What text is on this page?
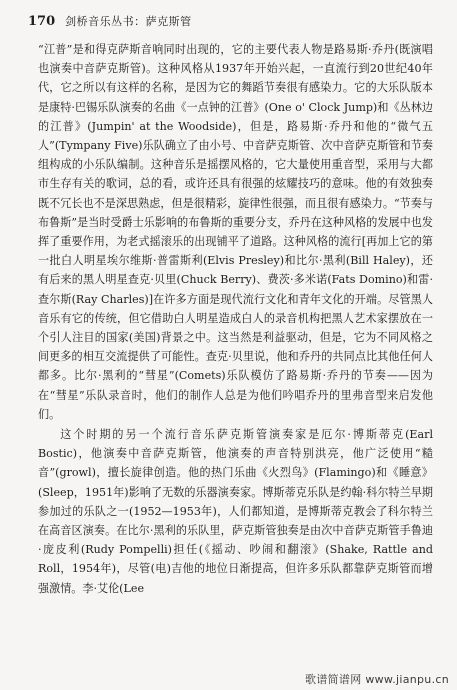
170 剑桥音乐丛书：萨克斯管

“江普”是和得克萨斯音响同时出现的，它的主要代表人物是路易斯·乔丹(既演唱也演奏中音萨克斯管)。这种风格从1937年开始兴起，一直流行到20世纪40年代，它之所以有这样的名称，是因为它的舞蹈节奏很有感染力。它的大乐队版本是康特·巴锡乐队演奏的名曲《一点钟的江普》(One o' Clock Jump)和《丛林边的江普》(Jumpin' at the Woodside)，但是，路易斯·乔丹和他的“微气五人”(Tympany Five)乐队确立了由小号、中音萨克斯管、次中音萨克斯管和节奏组构成的小乐队编制。这种音乐是摇摆风格的，它大量使用重音型，采用与大都市生存有关的歌词，总的看，或许还具有很强的炫耀技巧的意味。他的有效独奏既不冗长也不是深思熟虑，但是很精彩，旋律性很强，而且很有感染力。“节奏与布鲁斯”是当时受爵士乐影响的布鲁斯的重要分支，乔丹在这种风格的发展中也发挥了重要作用，为老式摇滚乐的出现铺平了道路。这种风格的流行[再加上它的第一批白人明星埃尔维斯·普雷斯利(Elvis Presley)和比尔·黑利(Bill Haley)，还有后来的黑人明星查克·贝里(Chuck Berry)、费茨·多米诺(Fats Domino)和雷·查尔斯(Ray Charles)]在许多方面是现代流行文化和青年文化的开端。尽管黑人音乐有它的传统，但它借助白人明星造成白人的录音机构把黑人艺术家摆放在一个引人注目的国家(美国)背景之中。这当然是利益驱动，但是，它为不同风格之间更多的相互交流提供了可能性。查克·贝里说，他和乔丹的共同点比其他任何人都多。比尔·黑利的“彗星”(Comets)乐队模仿了路易斯·乔丹的节奏——因为在“彗星”乐队录音时，他们的制作人总是为他们吟唱乔丹的里弗音型来启发他们。

这个时期的另一个流行音乐萨克斯管演奏家是厄尔·博斯蒂克(Earl Bostic)，他演奏中音萨克斯管，他演奏的声音特别洪亮，他广泛使用“糙音”(growl)，擅长旋律创造。他的热门乐曲《火烈鸟》(Flamingo)和《睡意》(Sleep，1951年)影响了无数的乐器演奏家。博斯蒂克乐队是约翰·科尔特兰早期参加过的乐队之一(1952—1953年)，人们都知道，是博斯蒂克教会了科尔特兰在高音区演奏。在比尔·黑利的乐队里，萨克斯管独奏是由次中音萨克斯管手鲁迪·庞皮利(Rudy Pompelli)担任(《摇动、吵闹和翻滚》(Shake, Rattle and Roll，1954年)，尽管(电)吉他的地位日渐提高，但许多乐队都靠萨克斯管而增强激情。李·艾伦(Lee

歌谱简谱网 www.jianpu.cn
